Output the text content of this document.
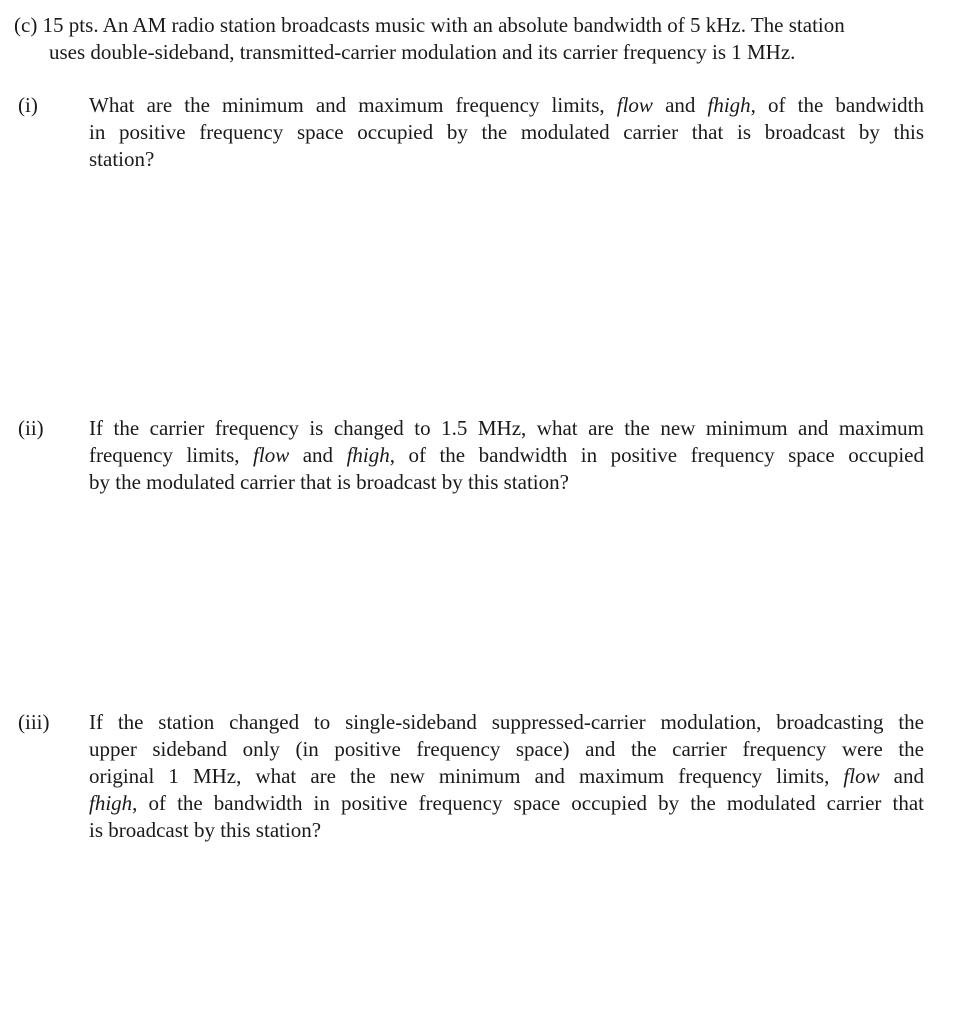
(c) 15 pts. An AM radio station broadcasts music with an absolute bandwidth of 5 kHz. The station
uses double-sideband, transmitted-carrier modulation and its carrier frequency is 1 MHz.
(i) What are the minimum and maximum frequency limits, flow and fhigh, of the bandwidth
in positive frequency space occupied by the modulated carrier that is broadcast by this
station?
(ii) If the carrier frequency is changed to 1.5 MHz, what are the new minimum and maximum
frequency limits, flow and fhigh, of the bandwidth in positive frequency space occupied
by the modulated carrier that is broadcast by this station?
(iii) If the station changed to single-sideband suppressed-carrier modulation, broadcasting the
upper sideband only (in positive frequency space) and the carrier frequency were the
original 1 MHz, what are the new minimum and maximum frequency limits, flow and
fhigh, of the bandwidth in positive frequency space occupied by the modulated carrier that
is broadcast by this station?
